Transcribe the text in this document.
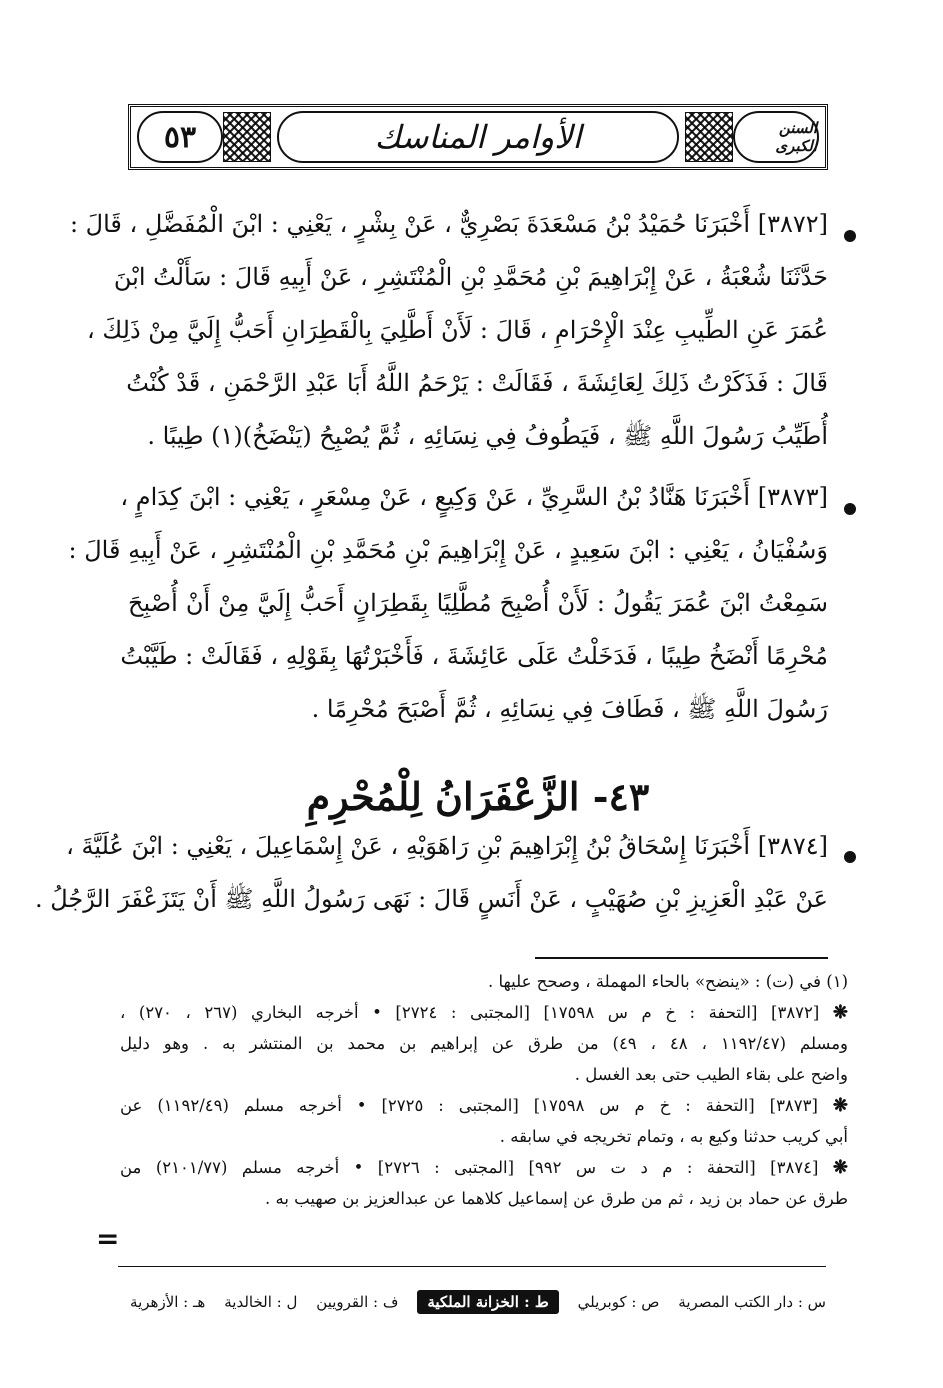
٥٣	الأوامر المناسك	السنن الكبرى
[٣٨٧٢] أَخْبَرَنَا حُمَيْدُ بْنُ مَسْعَدَةَ بَصْرِيٌّ ، عَنْ بِشْرٍ ، يَعْنِي : ابْنَ الْمُفَضَّلِ ، قَالَ :
حَدَّثَنَا شُعْبَةُ ، عَنْ إِبْرَاهِيمَ بْنِ مُحَمَّدِ بْنِ الْمُنْتَشِرِ ، عَنْ أَبِيهِ قَالَ : سَأَلْتُ ابْنَ
عُمَرَ عَنِ الطِّيبِ عِنْدَ الْإِحْرَامِ ، قَالَ : لَأَنْ أَطَّلِيَ بِالْقَطِرَانِ أَحَبُّ إِلَيَّ مِنْ ذَلِكَ ،
قَالَ : فَذَكَرْتُ ذَلِكَ لِعَائِشَةَ ، فَقَالَتْ : يَرْحَمُ اللَّهُ أَبَا عَبْدِ الرَّحْمَنِ ، قَدْ كُنْتُ
أُطَيِّبُ رَسُولَ اللَّهِ ﷺ ، فَيَطُوفُ فِي نِسَائِهِ ، ثُمَّ يُصْبِحُ (يَنْضَخُ)(١) طِيبًا .
[٣٨٧٣] أَخْبَرَنَا هَنَّادُ بْنُ السَّرِيِّ ، عَنْ وَكِيعٍ ، عَنْ مِسْعَرٍ ، يَعْنِي : ابْنَ كِدَامٍ ،
وَسُفْيَانُ ، يَعْنِي : ابْنَ سَعِيدٍ ، عَنْ إِبْرَاهِيمَ بْنِ مُحَمَّدِ بْنِ الْمُنْتَشِرِ ، عَنْ أَبِيهِ قَالَ :
سَمِعْتُ ابْنَ عُمَرَ يَقُولُ : لَأَنْ أُصْبِحَ مُطَّلِيًا بِقَطِرَانٍ أَحَبُّ إِلَيَّ مِنْ أَنْ أُصْبِحَ
مُحْرِمًا أَنْضَخُ طِيبًا ، فَدَخَلْتُ عَلَى عَائِشَةَ ، فَأَخْبَرْتُهَا بِقَوْلِهِ ، فَقَالَتْ : طَيَّبْتُ
رَسُولَ اللَّهِ ﷺ ، فَطَافَ فِي نِسَائِهِ ، ثُمَّ أَصْبَحَ مُحْرِمًا .
٤٣- الزَّعْفَرَانُ لِلْمُحْرِمِ
[٣٨٧٤] أَخْبَرَنَا إِسْحَاقُ بْنُ إِبْرَاهِيمَ بْنِ رَاهَوَيْهِ ، عَنْ إِسْمَاعِيلَ ، يَعْنِي : ابْنَ عُلَيَّةَ ،
عَنْ عَبْدِ الْعَزِيزِ بْنِ صُهَيْبٍ ، عَنْ أَنَسٍ قَالَ : نَهَى رَسُولُ اللَّهِ ﷺ أَنْ يَتَزَعْفَرَ الرَّجُلُ .
(١) في (ت) : «ينضح» بالحاء المهملة ، وصحح عليها .
❋ [٣٨٧٢] [التحفة : خ م س ١٧٥٩٨] [المجتبى : ٢٧٢٤] • أخرجه البخاري (٢٦٧ ، ٢٧٠) ،
ومسلم (١١٩٢/٤٧ ، ٤٨ ، ٤٩) من طرق عن إبراهيم بن محمد بن المنتشر به . وهو دليل
واضح على بقاء الطيب حتى بعد الغسل .
❋ [٣٨٧٣] [التحفة : خ م س ١٧٥٩٨] [المجتبى : ٢٧٢٥] • أخرجه مسلم (١١٩٢/٤٩) عن
أبي كريب حدثنا وكيع به ، وتمام تخريجه في سابقه .
❋ [٣٨٧٤] [التحفة : م د ت س ٩٩٢] [المجتبى : ٢٧٢٦] • أخرجه مسلم (٢١٠١/٧٧) من
طرق عن حماد بن زيد ، ثم من طرق عن إسماعيل كلاهما عن عبدالعزيز بن صهيب به .
=
س : دار الكتب المصرية
ص : كوبريلي
ط : الخزانة الملكية
ف : القرويين
ل : الخالدية
هـ : الأزهرية
